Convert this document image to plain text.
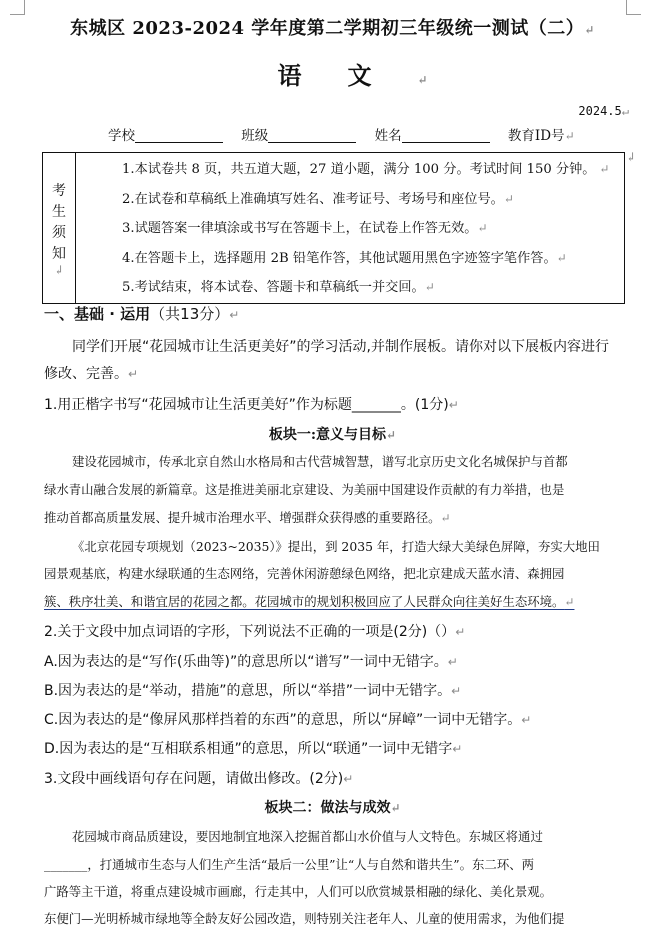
东城区 2023-2024 学年度第二学期初三年级统一测试（二）↵
语文↵
2024.5↵
学校	班级	姓名	教育ID号↵
考
生
须
知
↲

1.本试卷共 8 页，共五道大题，27 道小题，满分 100 分。考试时间 150 分钟。 ↵
2.在试卷和草稿纸上准确填写姓名、准考证号、考场号和座位号。↵
3.试题答案一律填涂或书写在答题卡上，在试卷上作答无效。↵
4.在答题卡上，选择题用 2B 铅笔作答，其他试题用黑色字迹签字笔作答。↵
5.考试结束，将本试卷、答题卡和草稿纸一并交回。↵
↲
一、基础 · 运用（共13分）↵
同学们开展“花园城市让生活更美好”的学习活动,并制作展板。请你对以下展板内容进行
修改、完善。↵
1.用正楷字书写“花园城市让生活更美好”作为标题_______。(1分)↵
板块一:意义与目标↵
建设花园城市，传承北京自然山水格局和古代营城智慧，谱写北京历史文化名城保护与首都
绿水青山融合发展的新篇章。这是推进美丽北京建设、为美丽中国建设作贡献的有力举措，也是
推动首都高质量发展、提升城市治理水平、增强群众获得感的重要路径。↵
《北京花园专项规划（2023~2035）》提出，到 2035 年，打造大绿大美绿色屏障，夯实大地田
园景观基底，构建水绿联通的生态网络，完善休闲游憩绿色网络，把北京建成天蓝水清、森拥园
簇、秩序壮美、和谐宜居的花园之都。花园城市的规划积极回应了人民群众向往美好生态环境。↵
2.关于文段中加点词语的字形，下列说法不正确的一项是(2分)（）↵
A.因为表达的是“写作(乐曲等)”的意思所以“谱写”一词中无错字。↵
B.因为表达的是“举动，措施”的意思，所以“举措”一词中无错字。↵
C.因为表达的是“像屏风那样挡着的东西”的意思，所以“屏嶂”一词中无错字。↵
D.因为表达的是“互相联系相通”的意思，所以“联通”一词中无错字↵
3.文段中画线语句存在问题，请做出修改。(2分)↵
板块二：做法与成效↵
花园城市商品质建设，要因地制宜地深入挖掘首都山水价值与人文特色。东城区将通过
_______，打通城市生态与人们生产生活“最后一公里”让“人与自然和谐共生”。东二环、两
广路等主干道，将重点建设城市画廊，行走其中，人们可以欣赏城景相融的绿化、美化景观。
东便门—光明桥城市绿地等全龄友好公园改造，则特别关注老年人、儿童的使用需求，为他们提
